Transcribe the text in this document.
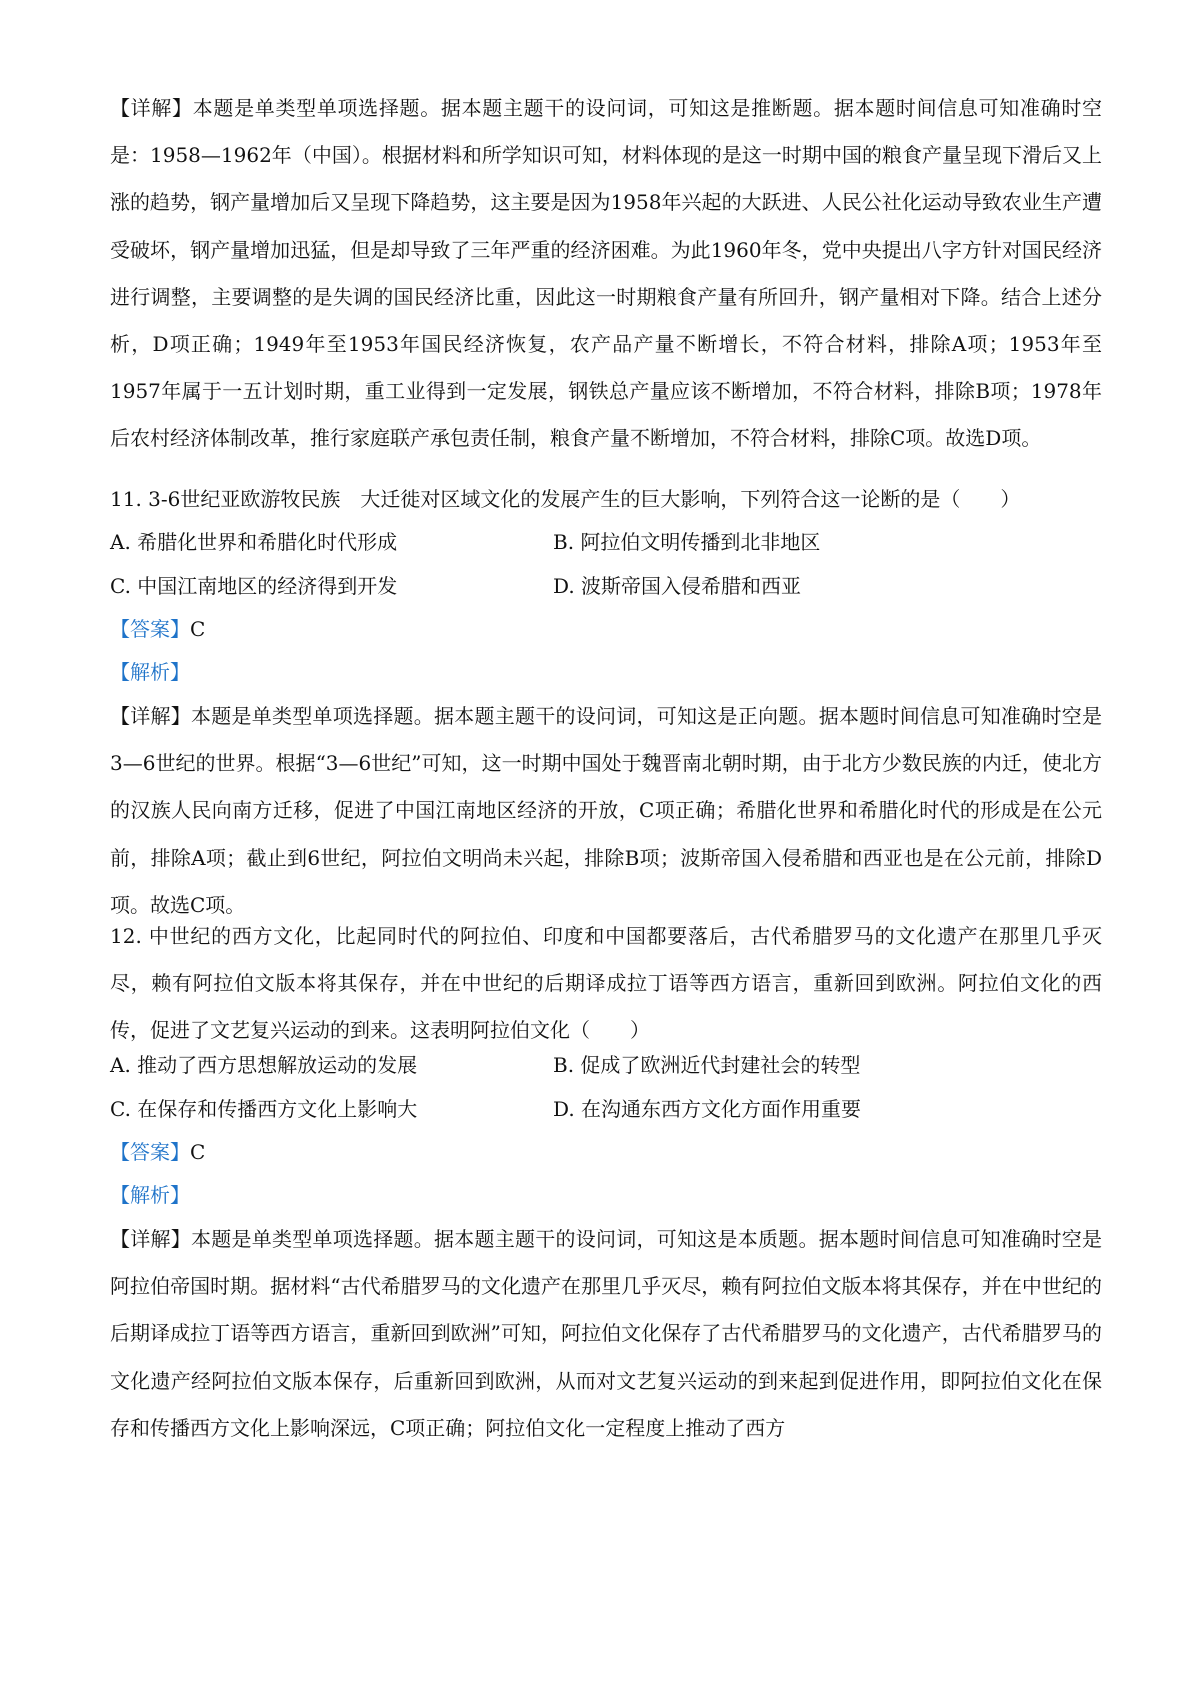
【详解】本题是单类型单项选择题。据本题主题干的设问词，可知这是推断题。据本题时间信息可知准确时空是：1958—1962年（中国）。根据材料和所学知识可知，材料体现的是这一时期中国的粮食产量呈现下滑后又上涨的趋势，钢产量增加后又呈现下降趋势，这主要是因为1958年兴起的大跃进、人民公社化运动导致农业生产遭受破坏，钢产量增加迅猛，但是却导致了三年严重的经济困难。为此1960年冬，党中央提出八字方针对国民经济进行调整，主要调整的是失调的国民经济比重，因此这一时期粮食产量有所回升，钢产量相对下降。结合上述分析，D项正确；1949年至1953年国民经济恢复，农产品产量不断增长，不符合材料，排除A项；1953年至1957年属于一五计划时期，重工业得到一定发展，钢铁总产量应该不断增加，不符合材料，排除B项；1978年后农村经济体制改革，推行家庭联产承包责任制，粮食产量不断增加，不符合材料，排除C项。故选D项。

11. 3-6世纪亚欧游牧民族　大迁徙对区域文化的发展产生的巨大影响，下列符合这一论断的是（　　）

A. 希腊化世界和希腊化时代形成	B. 阿拉伯文明传播到北非地区
C. 中国江南地区的经济得到开发	D. 波斯帝国入侵希腊和西亚

【答案】C

【解析】

【详解】本题是单类型单项选择题。据本题主题干的设问词，可知这是正向题。据本题时间信息可知准确时空是3—6世纪的世界。根据“3—6世纪”可知，这一时期中国处于魏晋南北朝时期，由于北方少数民族的内迁，使北方的汉族人民向南方迁移，促进了中国江南地区经济的开放，C项正确；希腊化世界和希腊化时代的形成是在公元前，排除A项；截止到6世纪，阿拉伯文明尚未兴起，排除B项；波斯帝国入侵希腊和西亚也是在公元前，排除D项。故选C项。

12. 中世纪的西方文化，比起同时代的阿拉伯、印度和中国都要落后，古代希腊罗马的文化遗产在那里几乎灭尽，赖有阿拉伯文版本将其保存，并在中世纪的后期译成拉丁语等西方语言，重新回到欧洲。阿拉伯文化的西传，促进了文艺复兴运动的到来。这表明阿拉伯文化（　　）

A. 推动了西方思想解放运动的发展	B. 促成了欧洲近代封建社会的转型
C. 在保存和传播西方文化上影响大	D. 在沟通东西方文化方面作用重要

【答案】C

【解析】

【详解】本题是单类型单项选择题。据本题主题干的设问词，可知这是本质题。据本题时间信息可知准确时空是阿拉伯帝国时期。据材料“古代希腊罗马的文化遗产在那里几乎灭尽，赖有阿拉伯文版本将其保存，并在中世纪的后期译成拉丁语等西方语言，重新回到欧洲”可知，阿拉伯文化保存了古代希腊罗马的文化遗产，古代希腊罗马的文化遗产经阿拉伯文版本保存，后重新回到欧洲，从而对文艺复兴运动的到来起到促进作用，即阿拉伯文化在保存和传播西方文化上影响深远，C项正确；阿拉伯文化一定程度上推动了西方
